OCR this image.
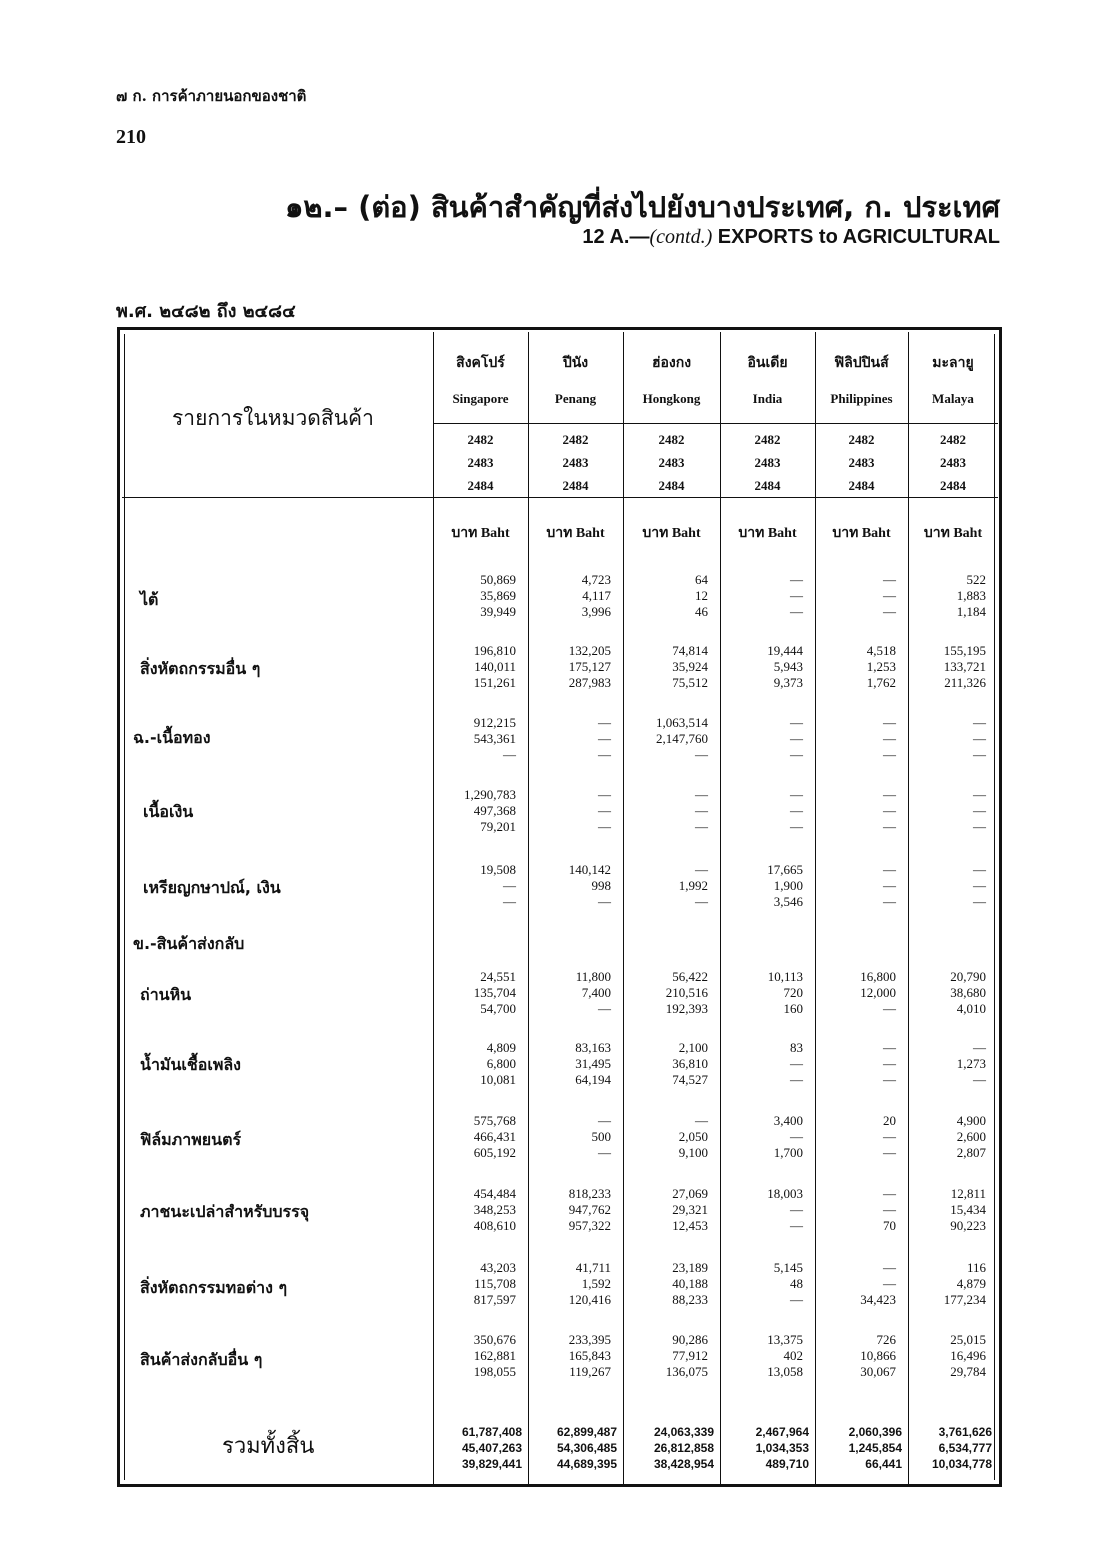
๗ ก. การค้าภายนอกของชาติ
210
๑๒.– (ต่อ) สินค้าสำคัญที่ส่งไปยังบางประเทศ, ก. ประเทศ
12 A.—(contd.) EXPORTS to AGRICULTURAL
พ.ศ. ๒๔๘๒ ถึง ๒๔๘๔
รายการในหมวดสินค้า
ข.-สินค้าส่งกลับ
รวมทั้งสิ้น
สิงคโปร์
Singapore
2482
2483
2484
บาท Baht
ปีนัง
Penang
2482
2483
2484
บาท Baht
ฮ่องกง
Hongkong
2482
2483
2484
บาท Baht
อินเดีย
India
2482
2483
2484
บาท Baht
ฟิลิปปินส์
Philippines
2482
2483
2484
บาท Baht
มะลายู
Malaya
2482
2483
2484
บาท Baht
ไต้
50,869
35,869
39,949
4,723
4,117
3,996
64
12
46
—
—
—
—
—
—
522
1,883
1,184
สิ่งหัตถกรรมอื่น ๆ
196,810
140,011
151,261
132,205
175,127
287,983
74,814
35,924
75,512
19,444
5,943
9,373
4,518
1,253
1,762
155,195
133,721
211,326
ฉ.-เนื้อทอง
912,215
543,361
—
—
—
—
1,063,514
2,147,760
—
—
—
—
—
—
—
—
—
—
เนื้อเงิน
1,290,783
497,368
79,201
—
—
—
—
—
—
—
—
—
—
—
—
—
—
—
เหรียญกษาปณ์, เงิน
19,508
—
—
140,142
998
—
—
1,992
—
17,665
1,900
3,546
—
—
—
—
—
—
ถ่านหิน
24,551
135,704
54,700
11,800
7,400
—
56,422
210,516
192,393
10,113
720
160
16,800
12,000
—
20,790
38,680
4,010
น้ำมันเชื้อเพลิง
4,809
6,800
10,081
83,163
31,495
64,194
2,100
36,810
74,527
83
—
—
—
—
—
—
1,273
—
ฟิล์มภาพยนตร์
575,768
466,431
605,192
—
500
—
—
2,050
9,100
3,400
—
1,700
20
—
—
4,900
2,600
2,807
ภาชนะเปล่าสำหรับบรรจุ
454,484
348,253
408,610
818,233
947,762
957,322
27,069
29,321
12,453
18,003
—
—
—
—
70
12,811
15,434
90,223
สิ่งหัตถกรรมทอต่าง ๆ
43,203
115,708
817,597
41,711
1,592
120,416
23,189
40,188
88,233
5,145
48
—
—
—
34,423
116
4,879
177,234
สินค้าส่งกลับอื่น ๆ
350,676
162,881
198,055
233,395
165,843
119,267
90,286
77,912
136,075
13,375
402
13,058
726
10,866
30,067
25,015
16,496
29,784
61,787,408
45,407,263
39,829,441
62,899,487
54,306,485
44,689,395
24,063,339
26,812,858
38,428,954
2,467,964
1,034,353
489,710
2,060,396
1,245,854
66,441
3,761,626
6,534,777
10,034,778
